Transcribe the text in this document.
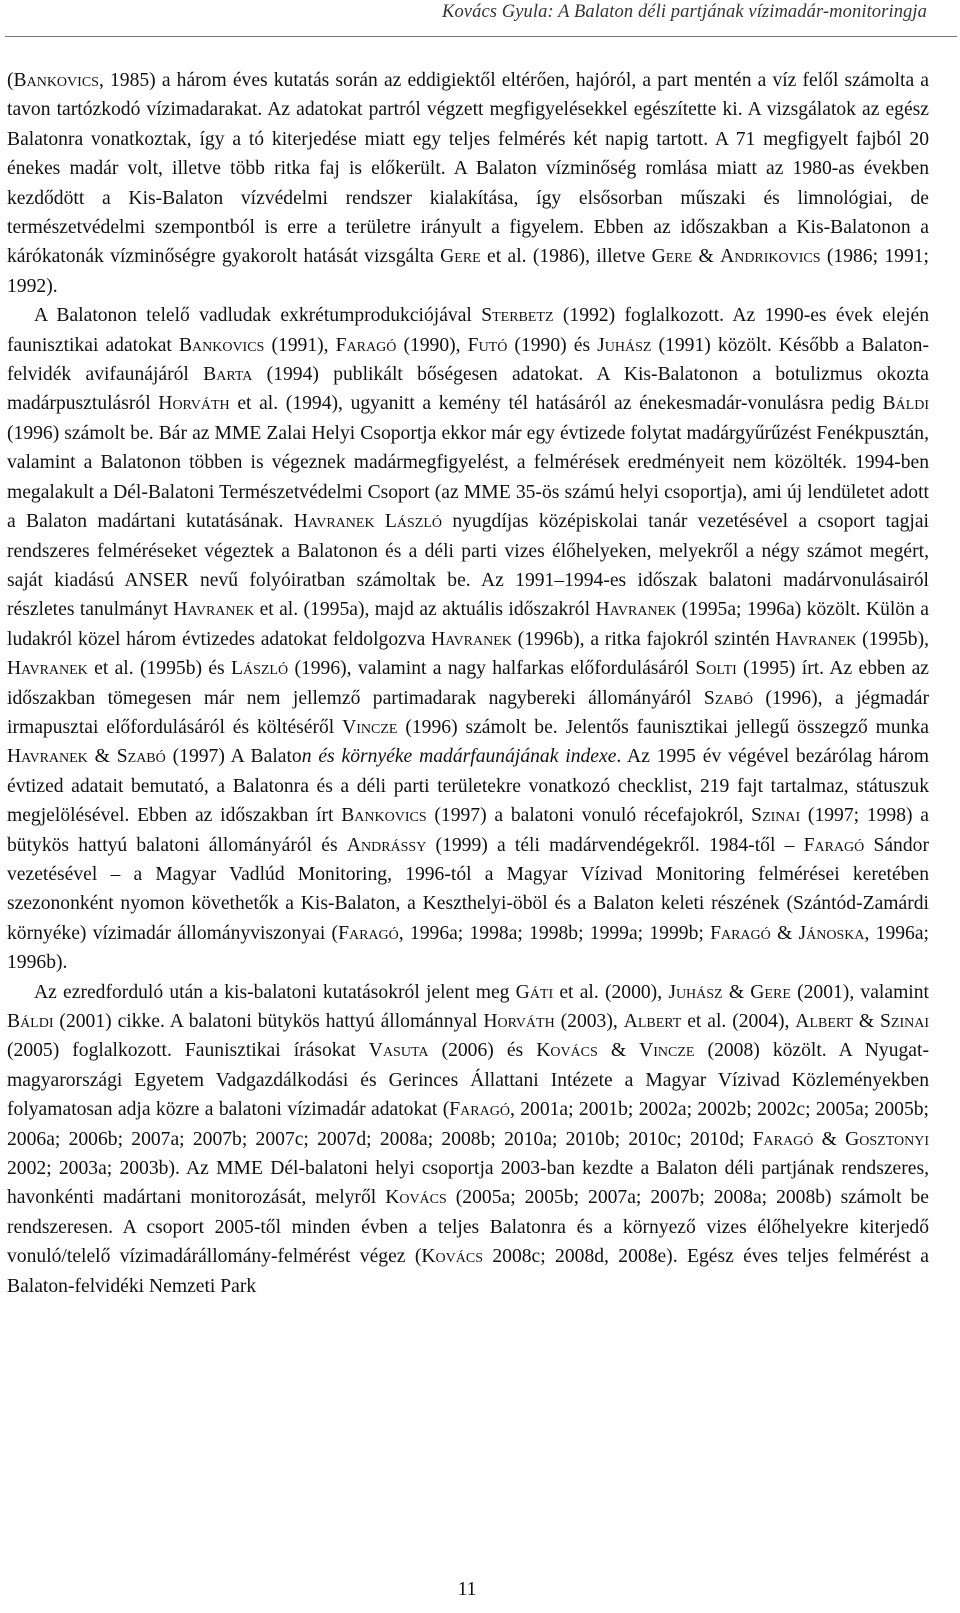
Kovács Gyula: A Balaton déli partjának vízimadár-monitoringja

(Bankovics, 1985) a három éves kutatás során az eddigiektől eltérően, hajóról, a part mentén a víz felől számolta a tavon tartózkodó vízimadarakat. Az adatokat partról végzett megfigyelésekkel egészítette ki. A vizsgálatok az egész Balatonra vonatkoztak, így a tó kiterjedése miatt egy teljes felmérés két napig tartott. A 71 megfigyelt fajból 20 énekes madár volt, illetve több ritka faj is előkerült. A Balaton vízminőség romlása miatt az 1980-as években kezdődött a Kis-Balaton vízvédelmi rendszer kialakítása, így elsősorban műszaki és limnológiai, de természetvédelmi szempontból is erre a területre irányult a figyelem. Ebben az időszakban a Kis-Balatonon a kárókatonák vízminőségre gyakorolt hatását vizsgálta Gere et al. (1986), illetve Gere & Andrikovics (1986; 1991; 1992).

A Balatonon telelő vadludak exkrétumprodukciójával Sterbetz (1992) foglalkozott. Az 1990-es évek elején faunisztikai adatokat Bankovics (1991), Faragó (1990), Futó (1990) és Juhász (1991) közölt. Később a Balaton-felvidék avifaunájáról Barta (1994) publikált bőségesen adatokat. A Kis-Balatonon a botulizmus okozta madárpusztulásról Horváth et al. (1994), ugyanitt a kemény tél hatásáról az énekesmadár-vonulásra pedig Báldi (1996) számolt be. Bár az MME Zalai Helyi Csoportja ekkor már egy évtizede folytat madárgyűrűzést Fenékpusztán, valamint a Balatonon többen is végeznek madármegfigyelést, a felmérések eredményeit nem közölték. 1994-ben megalakult a Dél-Balatoni Természetvédelmi Csoport (az MME 35-ös számú helyi csoportja), ami új lendületet adott a Balaton madártani kutatásának. Havranek László nyugdíjas középiskolai tanár vezetésével a csoport tagjai rendszeres felméréseket végeztek a Balatonon és a déli parti vizes élőhelyeken, melyekről a négy számot megért, saját kiadású ANSER nevű folyóiratban számoltak be. Az 1991–1994-es időszak balatoni madárvonulásairól részletes tanulmányt Havranek et al. (1995a), majd az aktuális időszakról Havranek (1995a; 1996a) közölt. Külön a ludakról közel három évtizedes adatokat feldolgozva Havranek (1996b), a ritka fajokról szintén Havranek (1995b), Havranek et al. (1995b) és László (1996), valamint a nagy halfarkas előfordulásáról Solti (1995) írt. Az ebben az időszakban tömegesen már nem jellemző partimadarak nagybereki állományáról Szabó (1996), a jégmadár irmapusztai előfordulásáról és költéséről Vincze (1996) számolt be. Jelentős faunisztikai jellegű összegző munka Havranek & Szabó (1997) A Balaton és környéke madárfaunájának indexe. Az 1995 év végével bezárólag három évtized adatait bemutató, a Balatonra és a déli parti területekre vonatkozó checklist, 219 fajt tartalmaz, státuszuk megjelölésével. Ebben az időszakban írt Bankovics (1997) a balatoni vonuló récefajokról, Szinai (1997; 1998) a bütykös hattyú balatoni állományáról és Andrássy (1999) a téli madárvendégekről. 1984-től – Faragó Sándor vezetésével – a Magyar Vadlúd Monitoring, 1996-tól a Magyar Vízivad Monitoring felmérései keretében szezononként nyomon követhetők a Kis-Balaton, a Keszthelyi-öböl és a Balaton keleti részének (Szántód-Zamárdi környéke) vízimadár állományviszonyai (Faragó, 1996a; 1998a; 1998b; 1999a; 1999b; Faragó & Jánoska, 1996a; 1996b).

Az ezredforduló után a kis-balatoni kutatásokról jelent meg Gáti et al. (2000), Juhász & Gere (2001), valamint Báldi (2001) cikke. A balatoni bütykös hattyú állománnyal Horváth (2003), Albert et al. (2004), Albert & Szinai (2005) foglalkozott. Faunisztikai írásokat Vasuta (2006) és Kovács & Vincze (2008) közölt. A Nyugat-magyarországi Egyetem Vadgazdálkodási és Gerinces Állattani Intézete a Magyar Vízivad Közleményekben folyamatosan adja közre a balatoni vízimadár adatokat (Faragó, 2001a; 2001b; 2002a; 2002b; 2002c; 2005a; 2005b; 2006a; 2006b; 2007a; 2007b; 2007c; 2007d; 2008a; 2008b; 2010a; 2010b; 2010c; 2010d; Faragó & Gosztonyi 2002; 2003a; 2003b). Az MME Dél-balatoni helyi csoportja 2003-ban kezdte a Balaton déli partjának rendszeres, havonkénti madártani monitorozását, melyről Kovács (2005a; 2005b; 2007a; 2007b; 2008a; 2008b) számolt be rendszeresen. A csoport 2005-től minden évben a teljes Balatonra és a környező vizes élőhelyekre kiterjedő vonuló/telelő vízimadárállomány-felmérést végez (Kovács 2008c; 2008d, 2008e). Egész éves teljes felmérést a Balaton-felvidéki Nemzeti Park

11
